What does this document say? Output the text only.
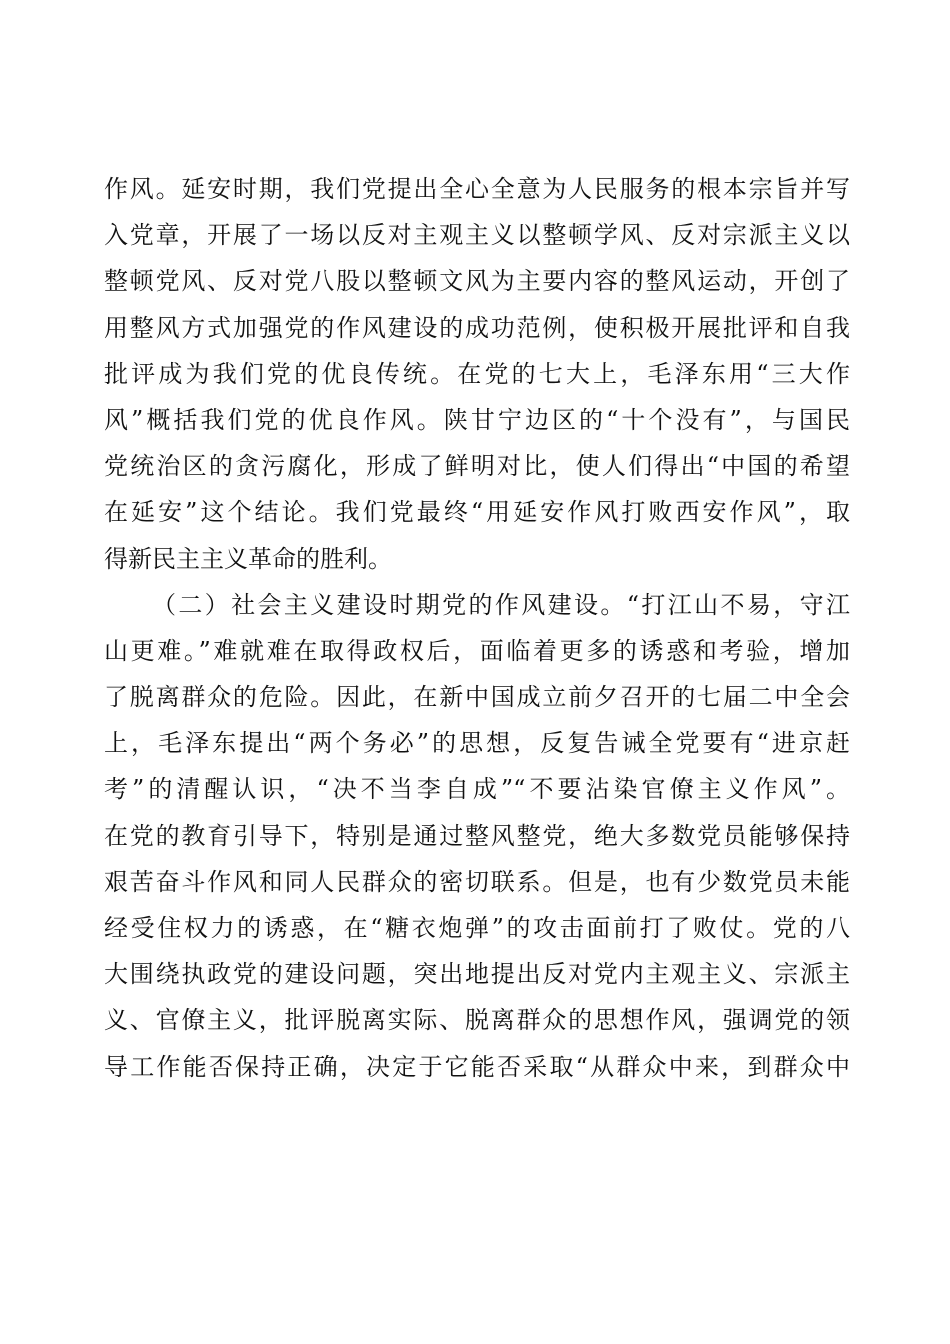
作风。延安时期，我们党提出全心全意为人民服务的根本宗旨并写
入党章，开展了一场以反对主观主义以整顿学风、反对宗派主义以
整顿党风、反对党八股以整顿文风为主要内容的整风运动，开创了
用整风方式加强党的作风建设的成功范例，使积极开展批评和自我
批评成为我们党的优良传统。在党的七大上，毛泽东用“三大作
风”概括我们党的优良作风。陕甘宁边区的“十个没有”，与国民
党统治区的贪污腐化，形成了鲜明对比，使人们得出“中国的希望
在延安”这个结论。我们党最终“用延安作风打败西安作风”，取
得新民主主义革命的胜利。
（二）社会主义建设时期党的作风建设。“打江山不易，守江
山更难。”难就难在取得政权后，面临着更多的诱惑和考验，增加
了脱离群众的危险。因此，在新中国成立前夕召开的七届二中全会
上，毛泽东提出“两个务必”的思想，反复告诫全党要有“进京赶
考”的清醒认识，“决不当李自成”“不要沾染官僚主义作风”。
在党的教育引导下，特别是通过整风整党，绝大多数党员能够保持
艰苦奋斗作风和同人民群众的密切联系。但是，也有少数党员未能
经受住权力的诱惑，在“糖衣炮弹”的攻击面前打了败仗。党的八
大围绕执政党的建设问题，突出地提出反对党内主观主义、宗派主
义、官僚主义，批评脱离实际、脱离群众的思想作风，强调党的领
导工作能否保持正确，决定于它能否采取“从群众中来，到群众中
